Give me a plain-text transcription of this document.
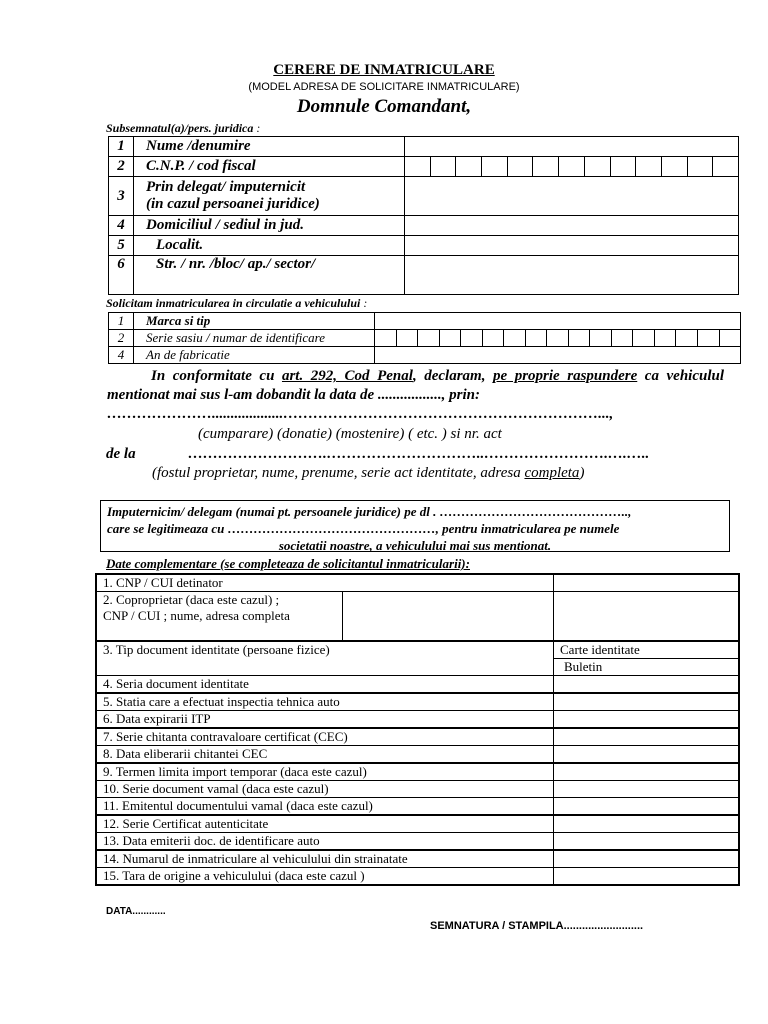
CERERE DE INMATRICULARE
(MODEL ADRESA DE SOLICITARE INMATRICULARE)
Domnule Comandant,
Subsemnatul(a)/pers. juridica :
1	Nume /denumire	
2	C.N.P. / cod fiscal	

3	Prin delegat/ imputernicit
(in cazul persoanei juridice)	

4	Domiciliul / sediul in jud.	
5	Localit.	
6	Str. / nr. /bloc/ ap./ sector/	
Solicitam inmatricularea in circulatie a vehiculului :
1	Marca si tip	
2	Serie sasiu / numar de identificare	

4	An de fabricatie	
In conformitate cu art. 292, Cod Penal, declaram, pe proprie raspundere ca vehiculul mentionat mai sus l-am dobandit la data de ................., prin:
…………………...................………………………………………………………...,
(cumparare) (donatie) (mostenire) ( etc. ) si nr. act
de la	……………………….…………………………..…………………….….…..
(fostul proprietar, nume, prenume, serie act identitate, adresa completa)
Imputernicim/ delegam (numai pt. persoanele juridice) pe dl . ……………………………………..,
care se legitimeaza cu …………………………………………, pentru inmatricularea pe numele
societatii noastre, a vehiculului mai sus mentionat.
Date complementare (se completeaza de solicitantul inmatricularii):
1. CNP / CUI detinator	

2. Coproprietar (daca este cazul) ;
CNP / CUI ; nume, adresa completa	

3. Tip document identitate (persoane fizice)	Carte identitate
	Buletin
4. Seria document identitate	
5. Statia care a efectuat inspectia tehnica auto	
6. Data expirarii ITP	
7. Serie chitanta contravaloare certificat (CEC)	
8. Data eliberarii chitantei CEC	
9. Termen limita import temporar (daca este cazul)	
10. Serie document vamal (daca este cazul)	
11. Emitentul documentului vamal (daca este cazul)	
12. Serie Certificat autenticitate	
13. Data emiterii doc. de identificare auto	
14. Numarul de inmatriculare al vehiculului din strainatate	
15. Tara de origine a vehiculului (daca este cazul )	
DATA............
SEMNATURA / STAMPILA..........................
